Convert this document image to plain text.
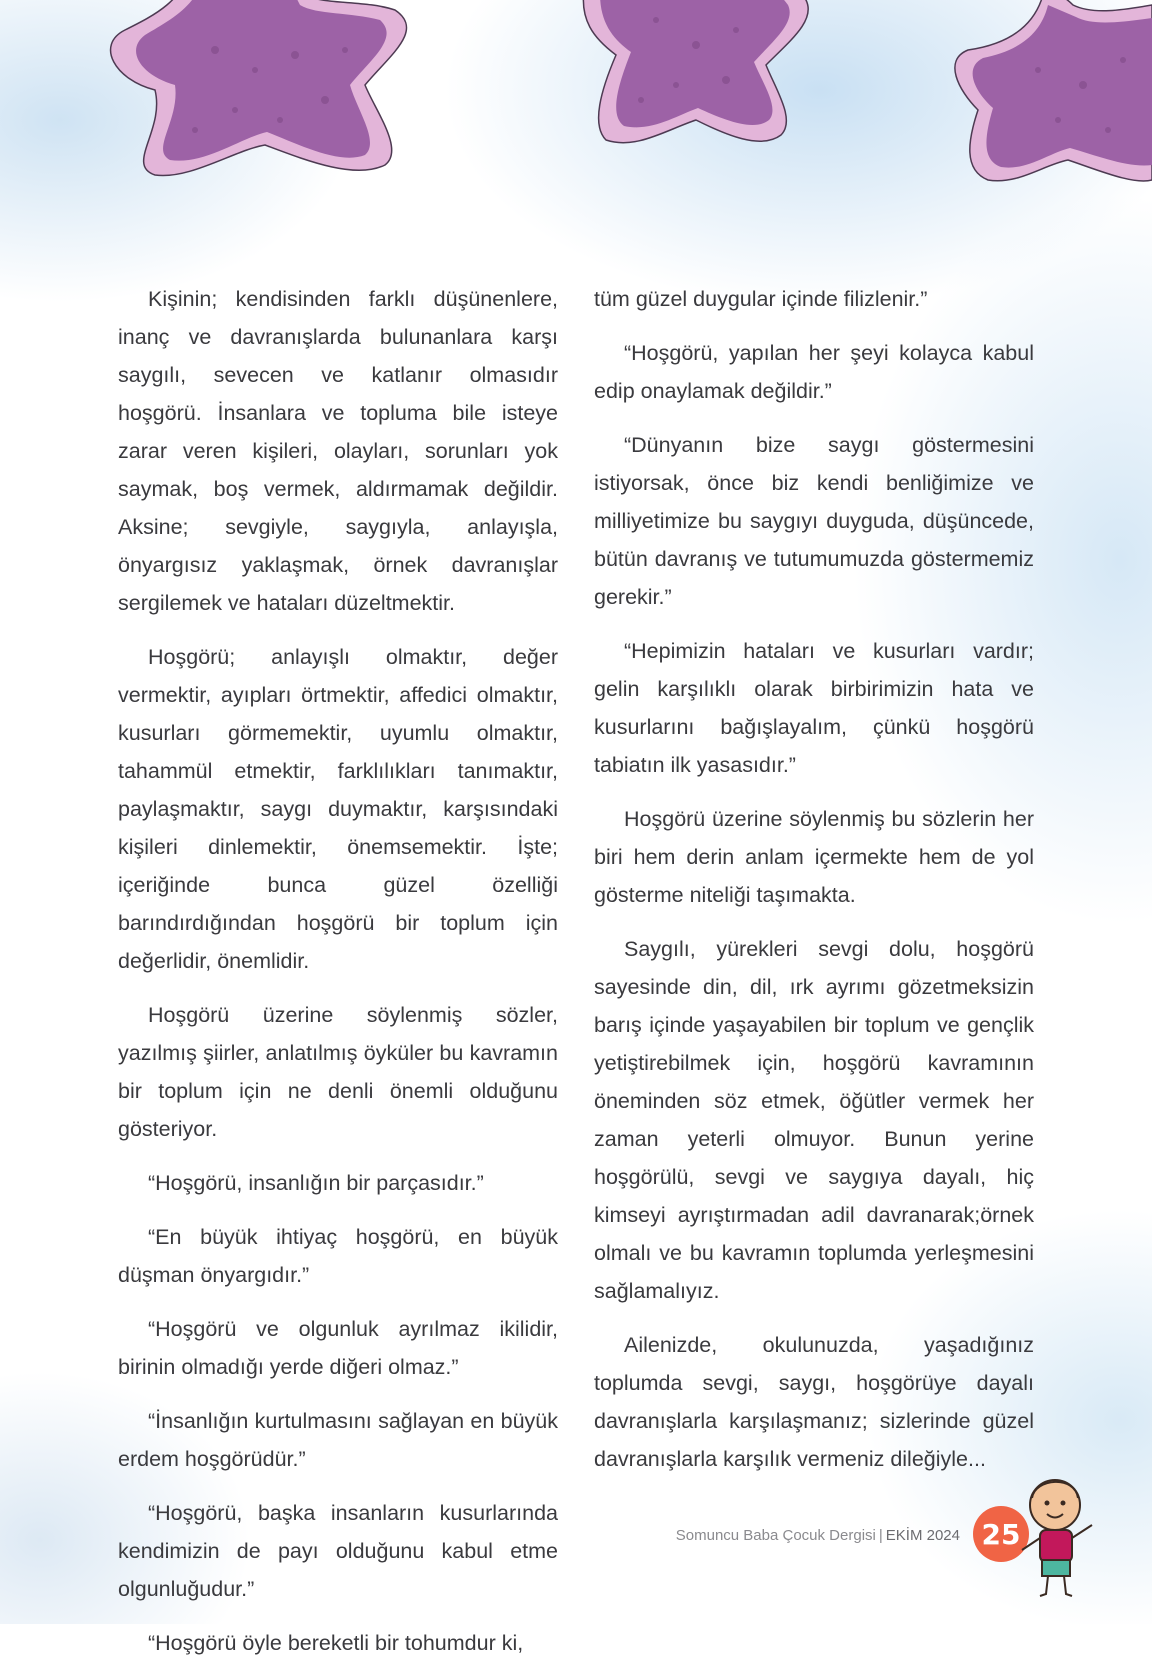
Kişinin; kendisinden farklı düşünenlere, inanç ve davranışlarda bulunanlara karşı saygılı, sevecen ve katlanır olmasıdır hoşgörü. İnsanlara ve topluma bile isteye zarar veren kişileri, olayları, sorunları yok saymak, boş vermek, aldırmamak değildir. Aksine; sevgiyle, saygıyla, anlayışla, önyargısız yaklaşmak, örnek davranışlar sergilemek ve hataları düzeltmektir.

Hoşgörü; anlayışlı olmaktır, değer vermektir, ayıpları örtmektir, affedici olmaktır, kusurları görmemektir, uyumlu olmaktır, tahammül etmektir, farklılıkları tanımaktır, paylaşmaktır, saygı duymaktır, karşısındaki kişileri dinlemektir, önemsemektir. İşte; içeriğinde bunca güzel özelliği barındırdığından hoşgörü bir toplum için değerlidir, önemlidir.

Hoşgörü üzerine söylenmiş sözler, yazılmış şiirler, anlatılmış öyküler bu kavramın bir toplum için ne denli önemli olduğunu gösteriyor.

“Hoşgörü, insanlığın bir parçasıdır.”

“En büyük ihtiyaç hoşgörü, en büyük düşman önyargıdır.”

“Hoşgörü ve olgunluk ayrılmaz ikilidir, birinin olmadığı yerde diğeri olmaz.”

“İnsanlığın kurtulmasını sağlayan en büyük erdem hoşgörüdür.”

“Hoşgörü, başka insanların kusurlarında kendimizin de payı olduğunu kabul etme olgunluğudur.”

“Hoşgörü öyle bereketli bir tohumdur ki,

tüm güzel duygular içinde filizlenir.”

“Hoşgörü, yapılan her şeyi kolayca kabul edip onaylamak değildir.”

“Dünyanın bize saygı göstermesini istiyorsak, önce biz kendi benliğimize ve milliyetimize bu saygıyı duyguda, düşüncede, bütün davranış ve tutumumuzda göstermemiz gerekir.”

“Hepimizin hataları ve kusurları vardır; gelin karşılıklı olarak birbirimizin hata ve kusurlarını bağışlayalım, çünkü hoşgörü tabiatın ilk yasasıdır.”

Hoşgörü üzerine söylenmiş bu sözlerin her biri hem derin anlam içermekte hem de yol gösterme niteliği taşımakta.

Saygılı, yürekleri sevgi dolu, hoşgörü sayesinde din, dil, ırk ayrımı gözetmeksizin barış içinde yaşayabilen bir toplum ve gençlik yetiştirebilmek için, hoşgörü kavramının öneminden söz etmek, öğütler vermek her zaman yeterli olmuyor. Bunun yerine hoşgörülü, sevgi ve saygıya dayalı, hiç kimseyi ayrıştırmadan adil davranarak;örnek olmalı ve bu kavramın toplumda yerleşmesini sağlamalıyız.

Ailenizde, okulunuzda, yaşadığınız toplumda sevgi, saygı, hoşgörüye dayalı davranışlarla karşılaşmanız; sizlerinde güzel davranışlarla karşılık vermeniz dileğiyle...

Somuncu Baba Çocuk Dergisi | EKİM 2024 25
